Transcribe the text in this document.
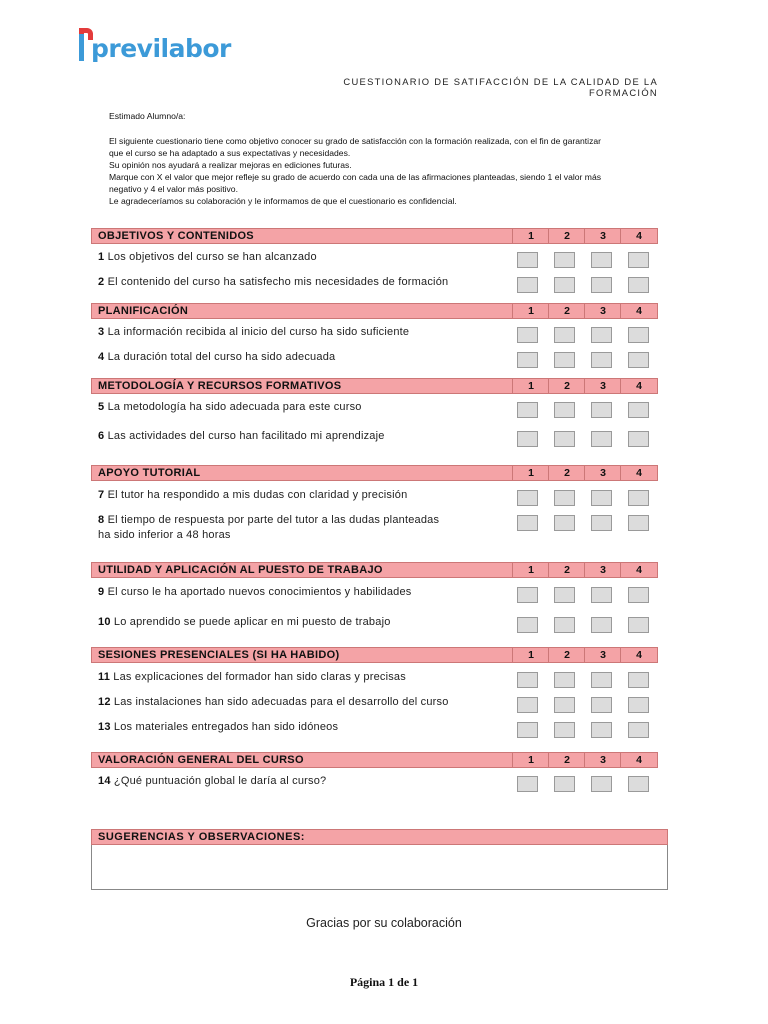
previlabor
CUESTIONARIO DE SATIFACCIÓN DE LA CALIDAD DE LA FORMACIÓN

Estimado Alumno/a:

El siguiente cuestionario tiene como objetivo conocer su grado de satisfacción con la formación realizada, con el fin de garantizar

que el curso se ha adaptado a sus expectativas y necesidades.

Su opinión nos ayudará a realizar mejoras en ediciones futuras.

Marque con X el valor que mejor refleje su grado de acuerdo con cada una de las afirmaciones planteadas, siendo 1 el valor más

negativo y 4 el valor más positivo.

Le agradeceríamos su colaboración y le informamos de que el cuestionario es confidencial.

OBJETIVOS Y CONTENIDOS	1	2	3	4
1 Los objetivos del curso se han alcanzado
2 El contenido del curso ha satisfecho mis necesidades de formación
PLANIFICACIÓN	1	2	3	4
3 La información recibida al inicio del curso ha sido suficiente
4 La duración total del curso ha sido adecuada
METODOLOGÍA Y RECURSOS FORMATIVOS	1	2	3	4
5 La metodología ha sido adecuada para este curso
6 Las actividades del curso han facilitado mi aprendizaje
APOYO TUTORIAL	1	2	3	4
7 El tutor ha respondido a mis dudas con claridad y precisión
8 El tiempo de respuesta por parte del tutor a las dudas planteadas
ha sido inferior a 48 horas
UTILIDAD Y APLICACIÓN AL PUESTO DE TRABAJO	1	2	3	4
9 El curso le ha aportado nuevos conocimientos y habilidades
10 Lo aprendido se puede aplicar en mi puesto de trabajo
SESIONES PRESENCIALES (SI HA HABIDO)	1	2	3	4
11 Las explicaciones del formador han sido claras y precisas
12 Las instalaciones han sido adecuadas para el desarrollo del curso
13 Los materiales entregados han sido idóneos
VALORACIÓN GENERAL DEL CURSO	1	2	3	4
14 ¿Qué puntuación global le daría al curso?
SUGERENCIAS Y OBSERVACIONES:
Gracias por su colaboración
Página 1 de 1
